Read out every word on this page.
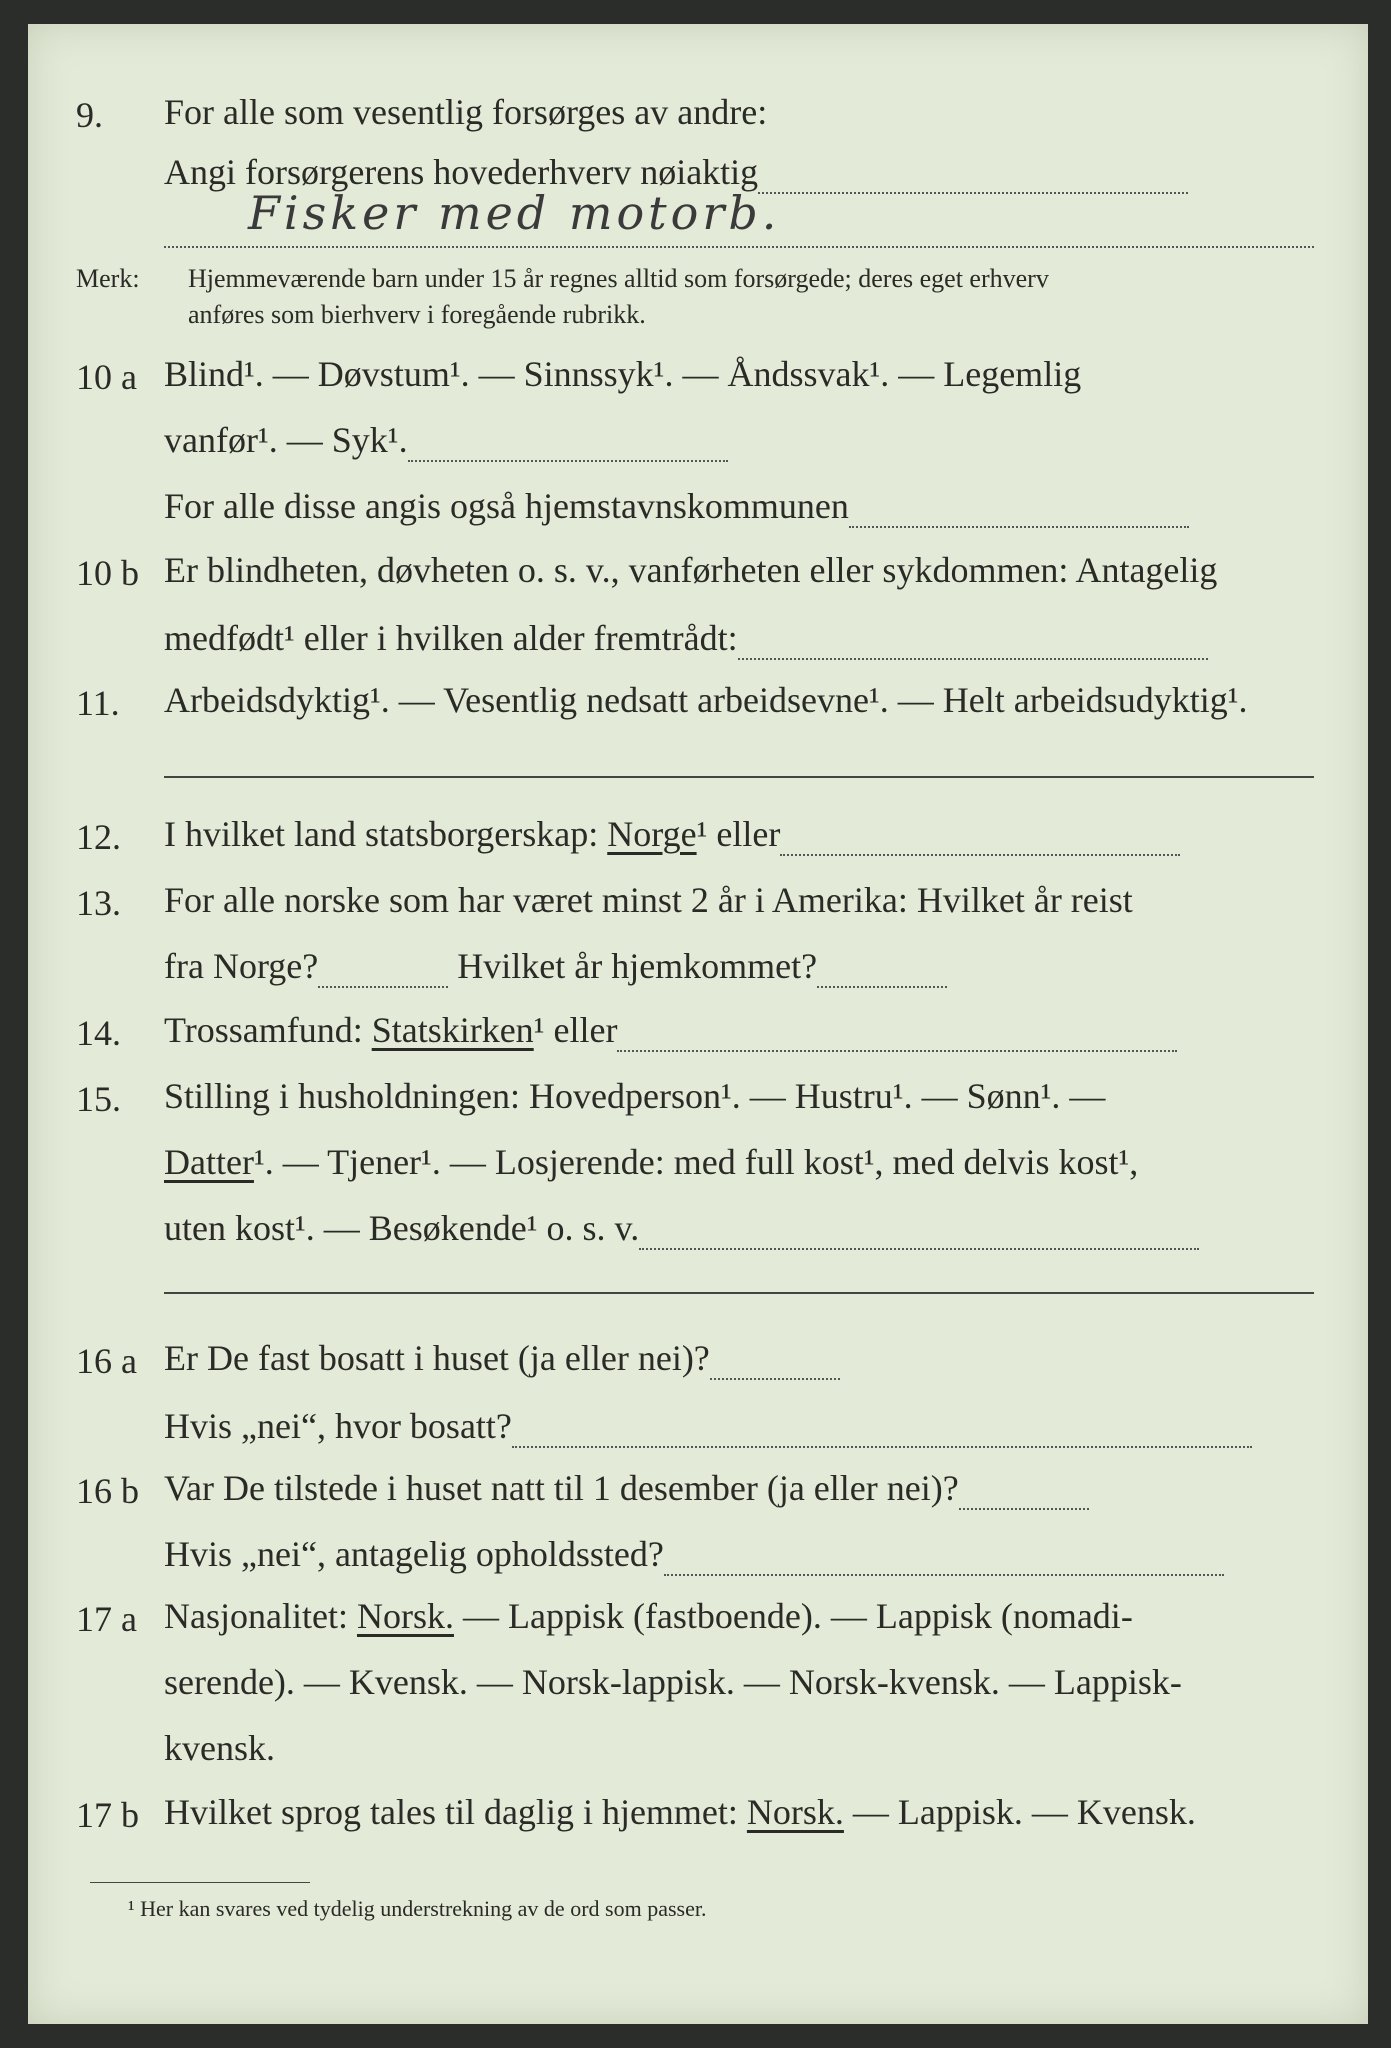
9.	For alle som vesentlig forsørges av andre:
Angi forsørgerens hovederhverv nøiaktig
Fisker med motorb.
Merk: Hjemmeværende barn under 15 år regnes alltid som forsørgede; deres eget erhverv
anføres som bierhverv i foregående rubrikk.
10 a Blind¹. — Døvstum¹. — Sinnssyk¹. — Åndssvak¹. — Legemlig
vanfør¹. — Syk¹.
For alle disse angis også hjemstavnskommunen
10 b Er blindheten, døvheten o. s. v., vanførheten eller sykdommen: Antagelig
medfødt¹ eller i hvilken alder fremtrådt:
11.	Arbeidsdyktig¹. — Vesentlig nedsatt arbeidsevne¹. — Helt arbeidsudyktig¹.
12.	I hvilket land statsborgerskap: Norge¹ eller
13.	For alle norske som har været minst 2 år i Amerika: Hvilket år reist
fra Norge?	Hvilket år hjemkommet?
14.	Trossamfund: Statskirken¹ eller
15.	Stilling i husholdningen: Hovedperson¹. — Hustru¹. — Sønn¹. —
Datter¹. — Tjener¹. — Losjerende: med full kost¹, med delvis kost¹,
uten kost¹. — Besøkende¹ o. s. v.
16 a Er De fast bosatt i huset (ja eller nei)?
Hvis „nei“, hvor bosatt?
16 b Var De tilstede i huset natt til 1 desember (ja eller nei)?
Hvis „nei“, antagelig opholdssted?
17 a Nasjonalitet: Norsk. — Lappisk (fastboende). — Lappisk (nomadi-
serende). — Kvensk. — Norsk-lappisk. — Norsk-kvensk. — Lappisk-
kvensk.
17 b Hvilket sprog tales til daglig i hjemmet: Norsk. — Lappisk. — Kvensk.
¹ Her kan svares ved tydelig understrekning av de ord som passer.
